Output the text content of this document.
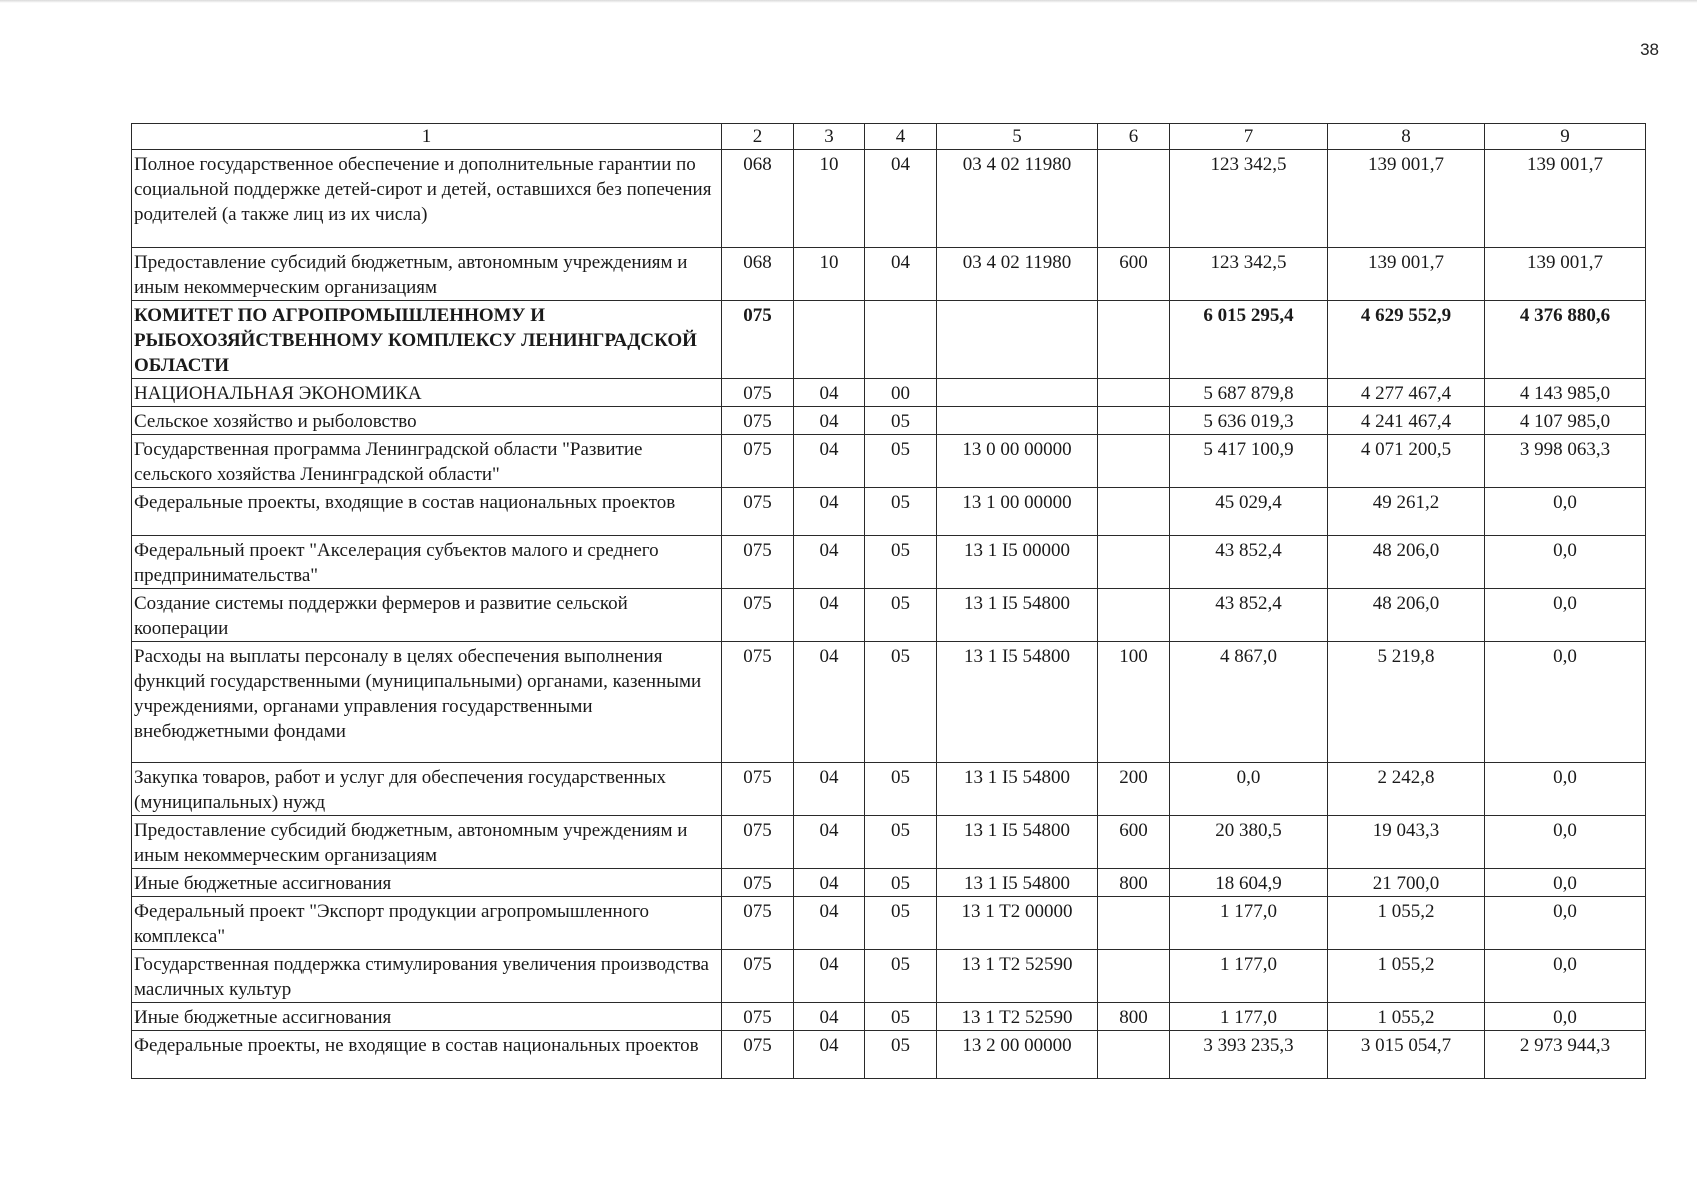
38
1	2	3	4	5	6	7	8	9
Полное государственное обеспечение и дополнительные гарантии по социальной поддержке детей-сирот и детей, оставшихся без попечения родителей (а также лиц из их числа)	068	10	04	03 4 02 11980		123 342,5	139 001,7	139 001,7
Предоставление субсидий бюджетным, автономным учреждениям и иным некоммерческим организациям	068	10	04	03 4 02 11980	600	123 342,5	139 001,7	139 001,7
КОМИТЕТ ПО АГРОПРОМЫШЛЕННОМУ И РЫБОХОЗЯЙСТВЕННОМУ КОМПЛЕКСУ ЛЕНИНГРАДСКОЙ ОБЛАСТИ	075					6 015 295,4	4 629 552,9	4 376 880,6
НАЦИОНАЛЬНАЯ ЭКОНОМИКА	075	04	00			5 687 879,8	4 277 467,4	4 143 985,0
Сельское хозяйство и рыболовство	075	04	05			5 636 019,3	4 241 467,4	4 107 985,0
Государственная программа Ленинградской области "Развитие сельского хозяйства Ленинградской области"	075	04	05	13 0 00 00000		5 417 100,9	4 071 200,5	3 998 063,3
Федеральные проекты, входящие в состав национальных проектов	075	04	05	13 1 00 00000		45 029,4	49 261,2	0,0
Федеральный проект "Акселерация субъектов малого и среднего предпринимательства"	075	04	05	13 1 I5 00000		43 852,4	48 206,0	0,0
Создание системы поддержки фермеров и развитие сельской кооперации	075	04	05	13 1 I5 54800		43 852,4	48 206,0	0,0
Расходы на выплаты персоналу в целях обеспечения выполнения функций государственными (муниципальными) органами, казенными учреждениями, органами управления государственными внебюджетными фондами	075	04	05	13 1 I5 54800	100	4 867,0	5 219,8	0,0
Закупка товаров, работ и услуг для обеспечения государственных (муниципальных) нужд	075	04	05	13 1 I5 54800	200	0,0	2 242,8	0,0
Предоставление субсидий бюджетным, автономным учреждениям и иным некоммерческим организациям	075	04	05	13 1 I5 54800	600	20 380,5	19 043,3	0,0
Иные бюджетные ассигнования	075	04	05	13 1 I5 54800	800	18 604,9	21 700,0	0,0
Федеральный проект "Экспорт продукции агропромышленного комплекса"	075	04	05	13 1 T2 00000		1 177,0	1 055,2	0,0
Государственная поддержка стимулирования увеличения производства масличных культур	075	04	05	13 1 T2 52590		1 177,0	1 055,2	0,0
Иные бюджетные ассигнования	075	04	05	13 1 T2 52590	800	1 177,0	1 055,2	0,0
Федеральные проекты, не входящие в состав национальных проектов	075	04	05	13 2 00 00000		3 393 235,3	3 015 054,7	2 973 944,3
